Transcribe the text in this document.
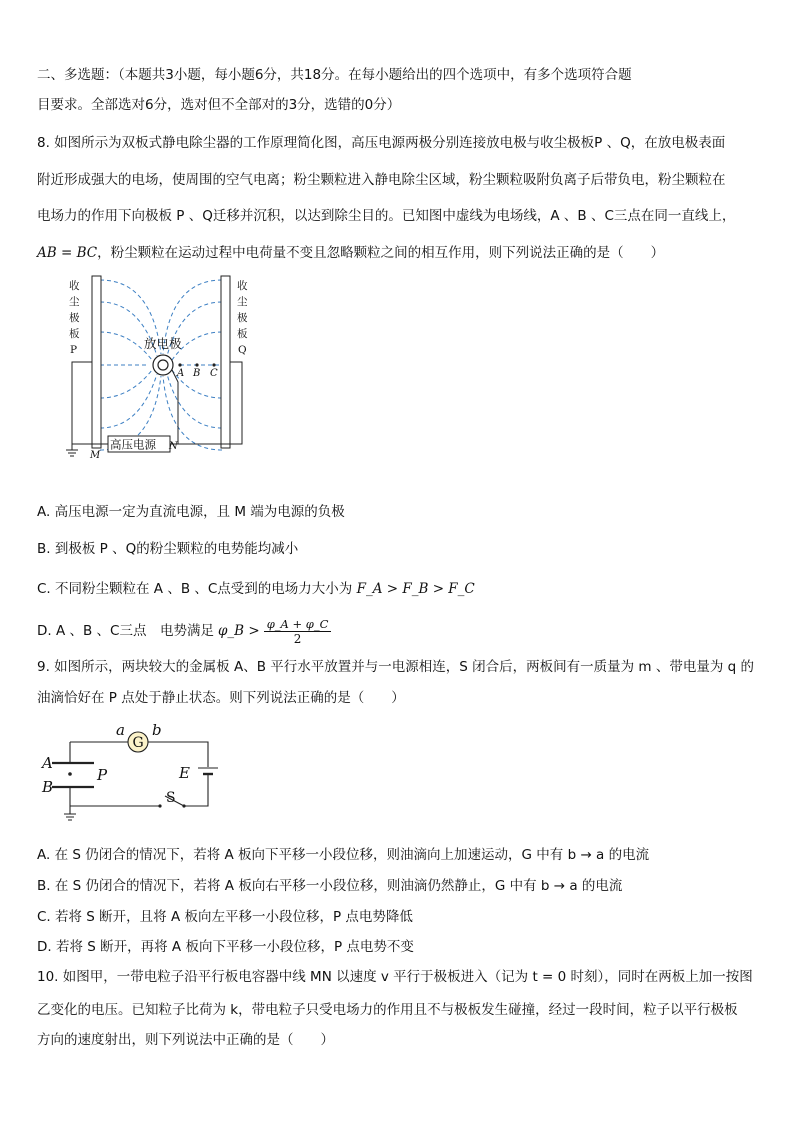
二、多选题：（本题共3小题，每小题6分，共18分。在每小题给出的四个选项中，有多个选项符合题
目要求。全部选对6分，选对但不全部对的3分，选错的0分）
8. 如图所示为双板式静电除尘器的工作原理简化图，高压电源两极分别连接放电极与收尘极板P 、Q，在放电极表面
附近形成强大的电场，使周围的空气电离；粉尘颗粒进入静电除尘区域，粉尘颗粒吸附负离子后带负电，粉尘颗粒在
电场力的作用下向极板 P 、Q迁移并沉积，以达到除尘目的。已知图中虚线为电场线，A 、B 、C三点在同一直线上，
AB = BC，粉尘颗粒在运动过程中电荷量不变且忽略颗粒之间的相互作用，则下列说法正确的是（　　）
收
尘
极
板
P
收
尘
极
板
Q
放电极
A B C
高压电源
M
N
A. 高压电源一定为直流电源，且 M 端为电源的负极
B. 到极板 P 、Q的粉尘颗粒的电势能均减小
C. 不同粉尘颗粒在 A 、B 、C点受到的电场力大小为 F_A > F_B > F_C
D. A 、B 、C三点　电势满足 φ_B > $\frac{\varphi\_A + \varphi\_C}{2}$
9. 如图所示，两块较大的金属板 A、B 平行水平放置并与一电源相连，S 闭合后，两板间有一质量为 m 、带电量为 q 的
油滴恰好在 P 点处于静止状态。则下列说法正确的是（　　）
G
a b
A
B
P	E
S
A. 在 S 仍闭合的情况下，若将 A 板向下平移一小段位移，则油滴向上加速运动，G 中有 b → a 的电流
B. 在 S 仍闭合的情况下，若将 A 板向右平移一小段位移，则油滴仍然静止，G 中有 b → a 的电流
C. 若将 S 断开，且将 A 板向左平移一小段位移，P 点电势降低
D. 若将 S 断开，再将 A 板向下平移一小段位移，P 点电势不变
10. 如图甲，一带电粒子沿平行板电容器中线 MN 以速度 v 平行于极板进入（记为 t = 0 时刻），同时在两板上加一按图
乙变化的电压。已知粒子比荷为 k，带电粒子只受电场力的作用且不与极板发生碰撞，经过一段时间，粒子以平行极板
方向的速度射出，则下列说法中正确的是（　　）
